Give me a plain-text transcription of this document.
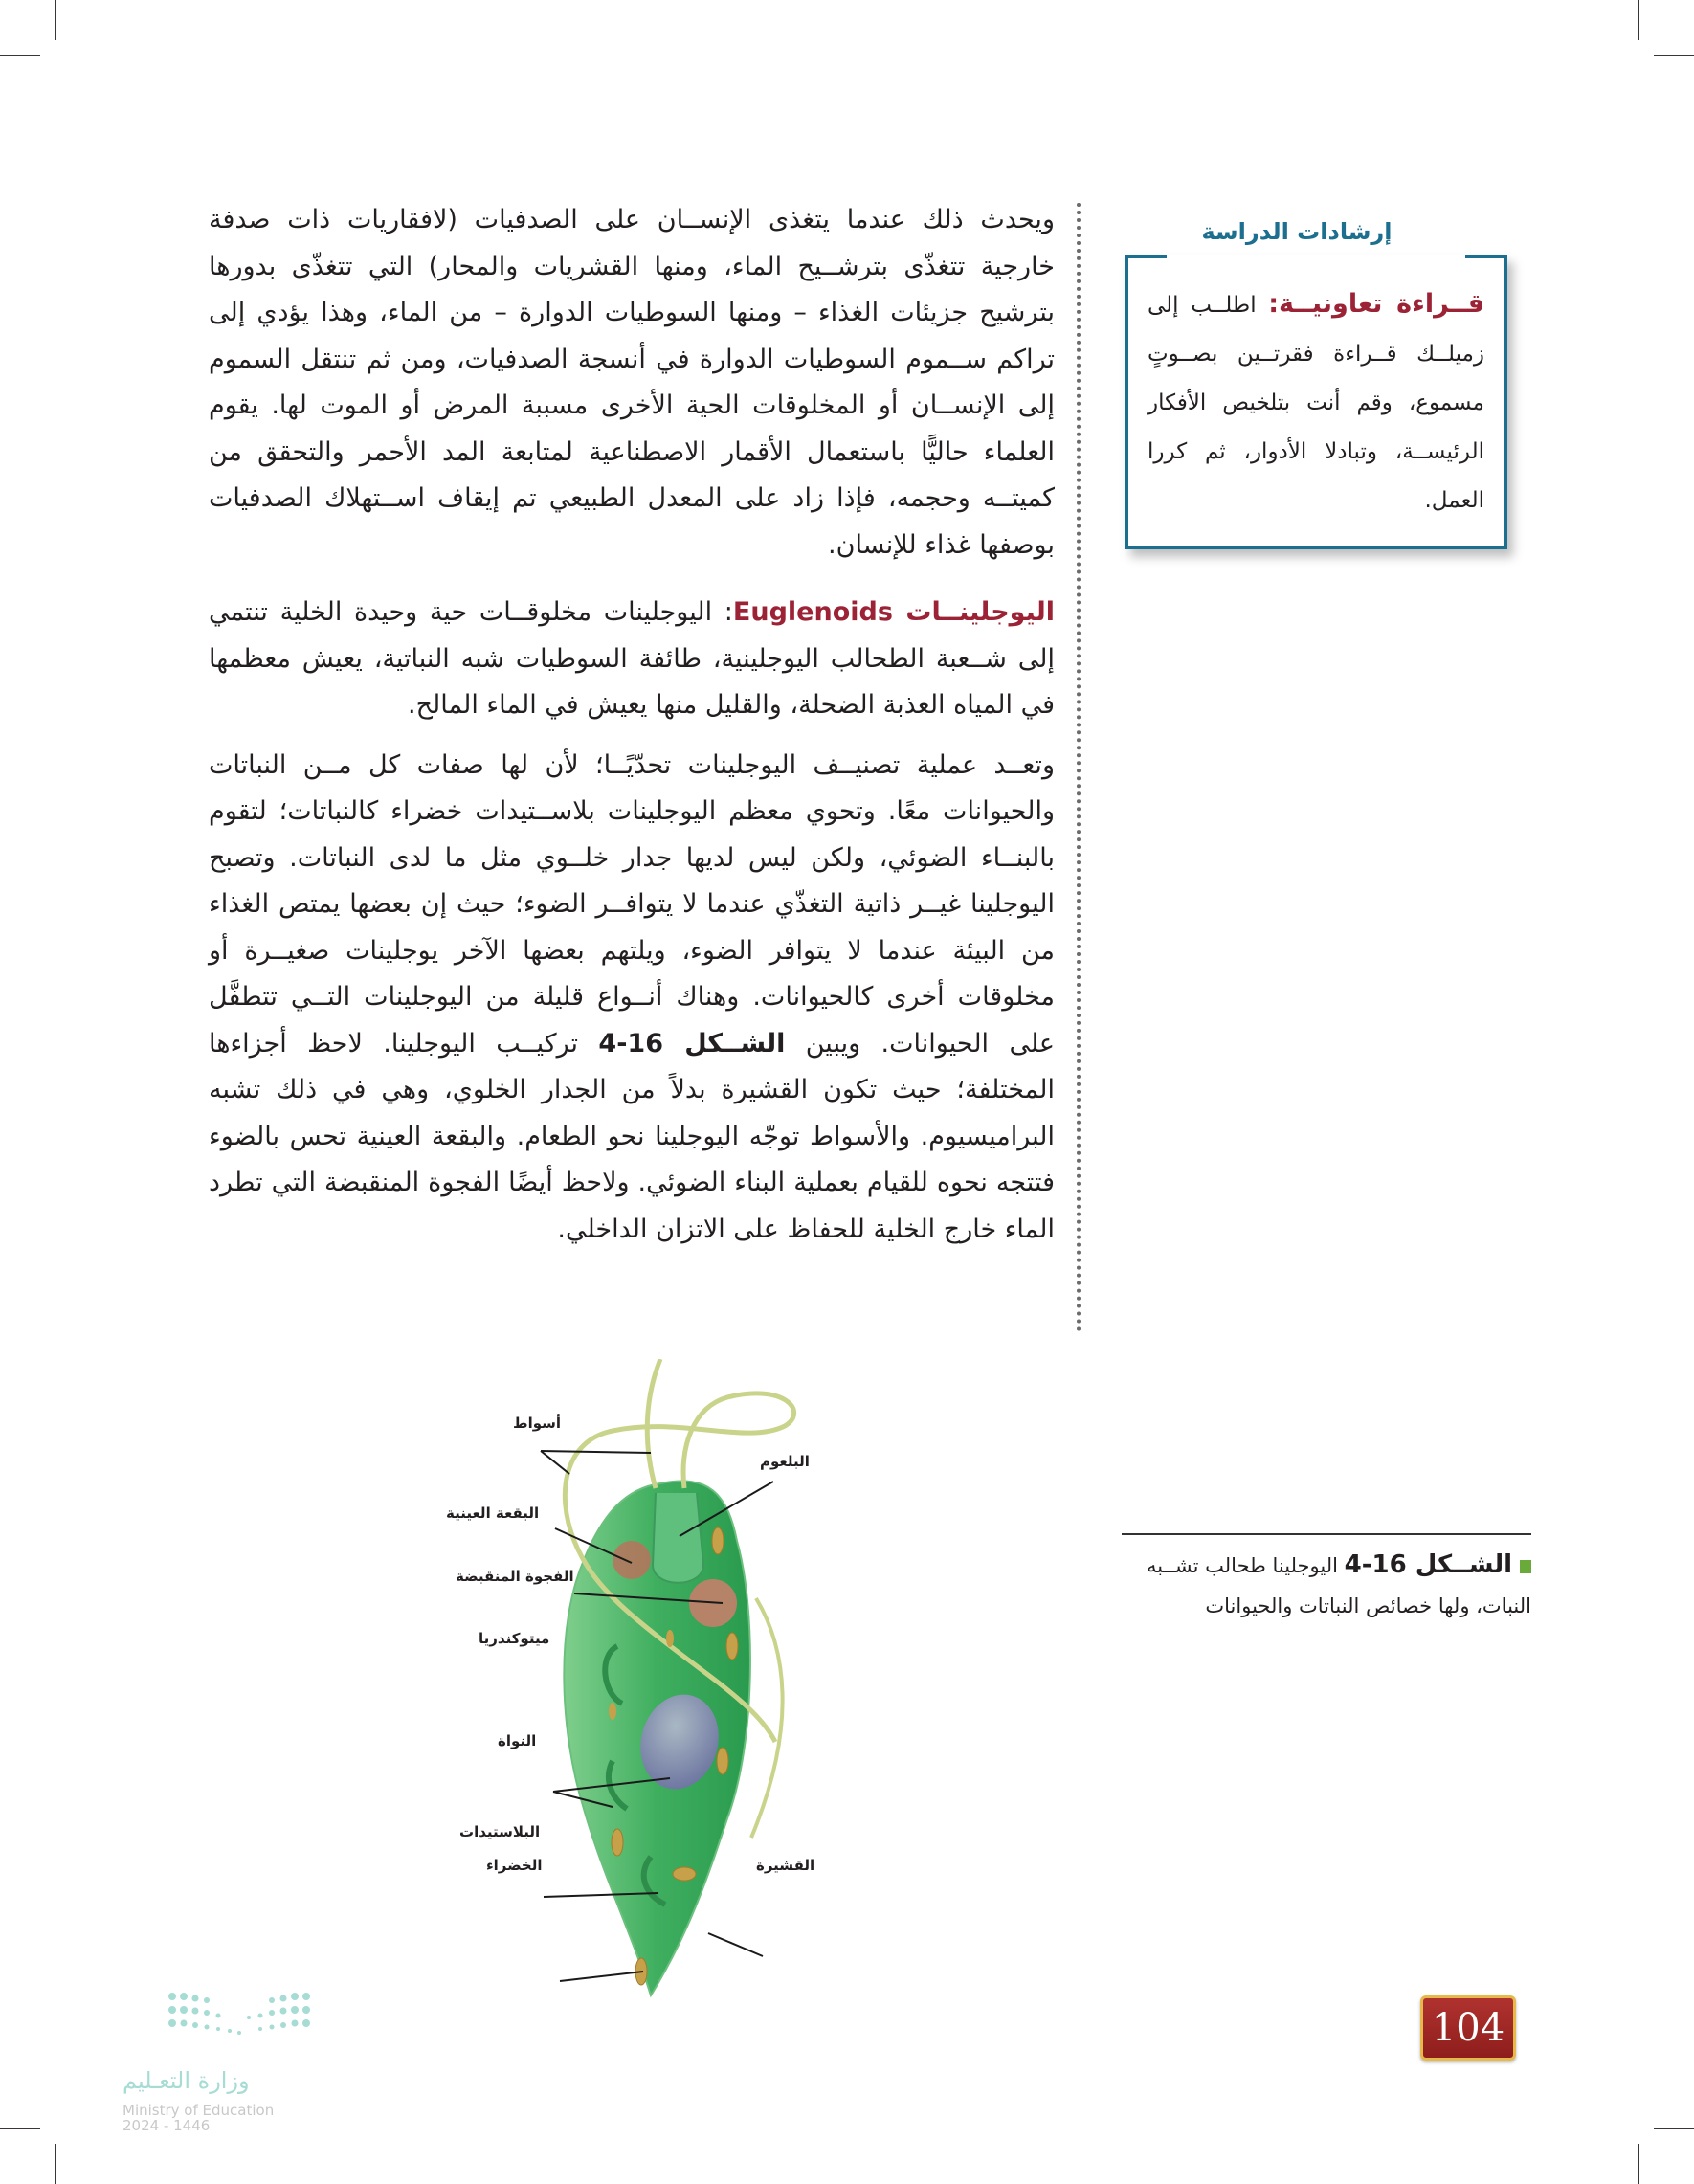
ويحدث ذلك عندما يتغذى الإنســان على الصدفيات (لافقاريات ذات صدفة خارجية تتغذّى بترشــيح الماء، ومنها القشريات والمحار) التي تتغذّى بدورها بترشيح جزيئات الغذاء – ومنها السوطيات الدوارة – من الماء، وهذا يؤدي إلى تراكم ســموم السوطيات الدوارة في أنسجة الصدفيات، ومن ثم تنتقل السموم إلى الإنســان أو المخلوقات الحية الأخرى مسببة المرض أو الموت لها. يقوم العلماء حاليًّا باستعمال الأقمار الاصطناعية لمتابعة المد الأحمر والتحقق من كميتــه وحجمه، فإذا زاد على المعدل الطبيعي تم إيقاف اســتهلاك الصدفيات بوصفها غذاء للإنسان.

اليوجلينــات Euglenoids: اليوجلينات مخلوقــات حية وحيدة الخلية تنتمي إلى شــعبة الطحالب اليوجلينية، طائفة السوطيات شبه النباتية، يعيش معظمها في المياه العذبة الضحلة، والقليل منها يعيش في الماء المالح.

وتعــد عملية تصنيــف اليوجلينات تحدّيًــا؛ لأن لها صفات كل مــن النباتات والحيوانات معًا. وتحوي معظم اليوجلينات بلاســتيدات خضراء كالنباتات؛ لتقوم بالبنــاء الضوئي، ولكن ليس لديها جدار خلــوي مثل ما لدى النباتات. وتصبح اليوجلينا غيــر ذاتية التغذّي عندما لا يتوافــر الضوء؛ حيث إن بعضها يمتص الغذاء من البيئة عندما لا يتوافر الضوء، ويلتهم بعضها الآخر يوجلينات صغيــرة أو مخلوقات أخرى كالحيوانات. وهناك أنــواع قليلة من اليوجلينات التــي تتطفَّل على الحيوانات. ويبين الشــكل 16-4 تركيــب اليوجلينا. لاحظ أجزاءها المختلفة؛ حيث تكون القشيرة بدلاً من الجدار الخلوي، وهي في ذلك تشبه البراميسيوم. والأسواط توجّه اليوجلينا نحو الطعام. والبقعة العينية تحس بالضوء فتتجه نحوه للقيام بعملية البناء الضوئي. ولاحظ أيضًا الفجوة المنقبضة التي تطرد الماء خارج الخلية للحفاظ على الاتزان الداخلي.

إرشادات الدراسة
قــراءة تعاونيــة: اطلــب إلى زميلــك قــراءة فقرتــين بصــوتٍ مسموع، وقم أنت بتلخيص الأفكار الرئيســة، وتبادلا الأدوار، ثم كررا العمل.
أسواط
البلعوم
البقعة العينية
الفجوة المنقبضة
ميتوكندريا
النواة
البلاستيدات
الخضراء	القشيرة
الشــكل 16-4 اليوجلينا طحالب تشــبه النبات، ولها خصائص النباتات والحيوانات
104
وزارة التعـليم
Ministry of Education
2024 - 1446
